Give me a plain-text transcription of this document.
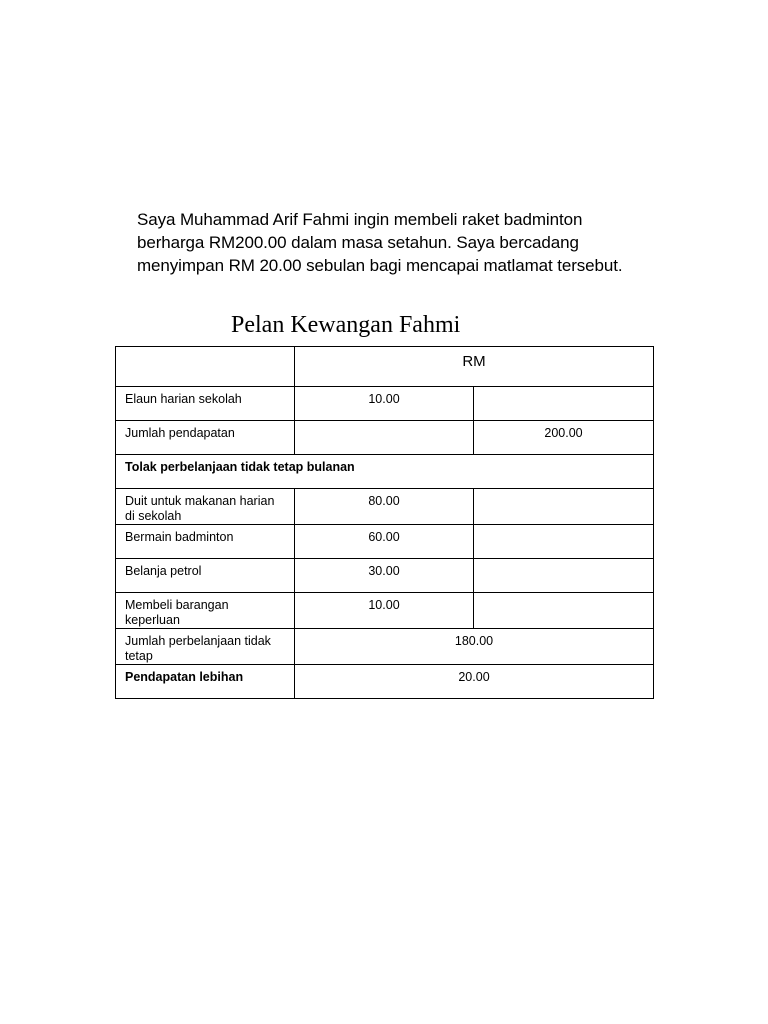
Saya Muhammad Arif Fahmi ingin membeli raket badminton
berharga RM200.00 dalam masa setahun. Saya bercadang
menyimpan RM 20.00 sebulan bagi mencapai matlamat tersebut.

Pelan Kewangan Fahmi
	RM	
Elaun harian sekolah	10.00	
Jumlah pendapatan		200.00
Tolak perbelanjaan tidak tetap bulanan		
Duit untuk makanan harian di sekolah	80.00	
Bermain badminton	60.00	
Belanja petrol	30.00	
Membeli barangan keperluan	10.00	
Jumlah perbelanjaan tidak tetap	180.00	
Pendapatan lebihan	20.00	
